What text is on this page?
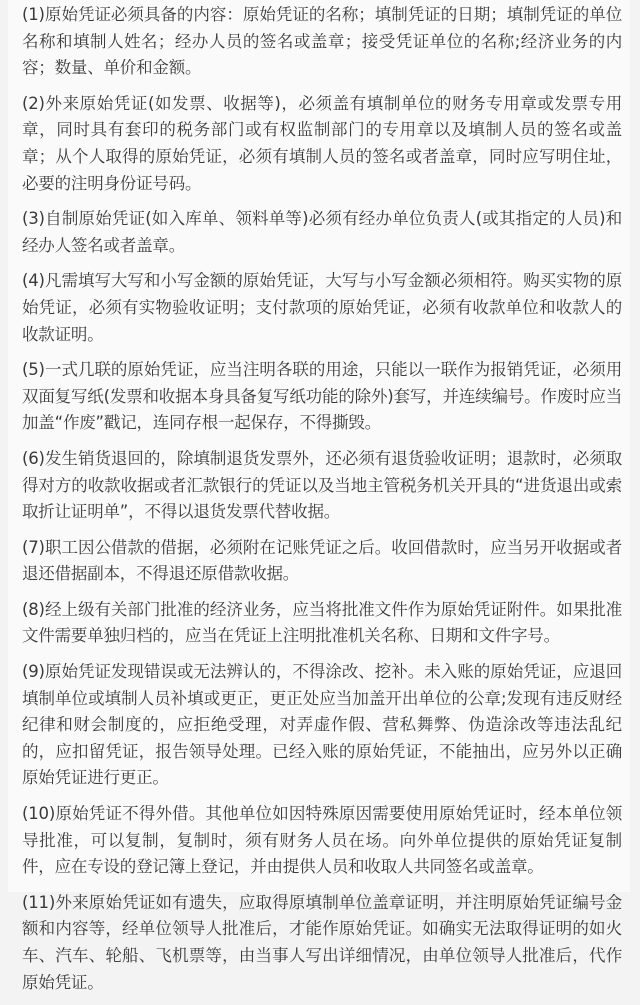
(1)原始凭证必须具备的内容：原始凭证的名称；填制凭证的日期；填制凭证的单位名称和填制人姓名；经办人员的签名或盖章；接受凭证单位的名称;经济业务的内容；数量、单价和金额。

(2)外来原始凭证(如发票、收据等)，必须盖有填制单位的财务专用章或发票专用章，同时具有套印的税务部门或有权监制部门的专用章以及填制人员的签名或盖章；从个人取得的原始凭证，必须有填制人员的签名或者盖章，同时应写明住址，必要的注明身份证号码。

(3)自制原始凭证(如入库单、领料单等)必须有经办单位负责人(或其指定的人员)和经办人签名或者盖章。

(4)凡需填写大写和小写金额的原始凭证，大写与小写金额必须相符。购买实物的原始凭证，必须有实物验收证明；支付款项的原始凭证，必须有收款单位和收款人的收款证明。

(5)一式几联的原始凭证，应当注明各联的用途，只能以一联作为报销凭证，必须用双面复写纸(发票和收据本身具备复写纸功能的除外)套写，并连续编号。作废时应当加盖“作废”戳记，连同存根一起保存，不得撕毁。

(6)发生销货退回的，除填制退货发票外，还必须有退货验收证明；退款时，必须取得对方的收款收据或者汇款银行的凭证以及当地主管税务机关开具的“进货退出或索取折让证明单”，不得以退货发票代替收据。

(7)职工因公借款的借据，必须附在记账凭证之后。收回借款时，应当另开收据或者退还借据副本，不得退还原借款收据。

(8)经上级有关部门批准的经济业务，应当将批准文件作为原始凭证附件。如果批准文件需要单独归档的，应当在凭证上注明批准机关名称、日期和文件字号。

(9)原始凭证发现错误或无法辨认的，不得涂改、挖补。未入账的原始凭证，应退回填制单位或填制人员补填或更正，更正处应当加盖开出单位的公章;发现有违反财经纪律和财会制度的，应拒绝受理，对弄虚作假、营私舞弊、伪造涂改等违法乱纪的，应扣留凭证，报告领导处理。已经入账的原始凭证，不能抽出，应另外以正确原始凭证进行更正。

(10)原始凭证不得外借。其他单位如因特殊原因需要使用原始凭证时，经本单位领导批准，可以复制，复制时，须有财务人员在场。向外单位提供的原始凭证复制件，应在专设的登记簿上登记，并由提供人员和收取人共同签名或盖章。

(11)外来原始凭证如有遗失，应取得原填制单位盖章证明，并注明原始凭证编号金额和内容等，经单位领导人批准后，才能作原始凭证。如确实无法取得证明的如火车、汽车、轮船、飞机票等，由当事人写出详细情况，由单位领导人批准后，代作原始凭证。
